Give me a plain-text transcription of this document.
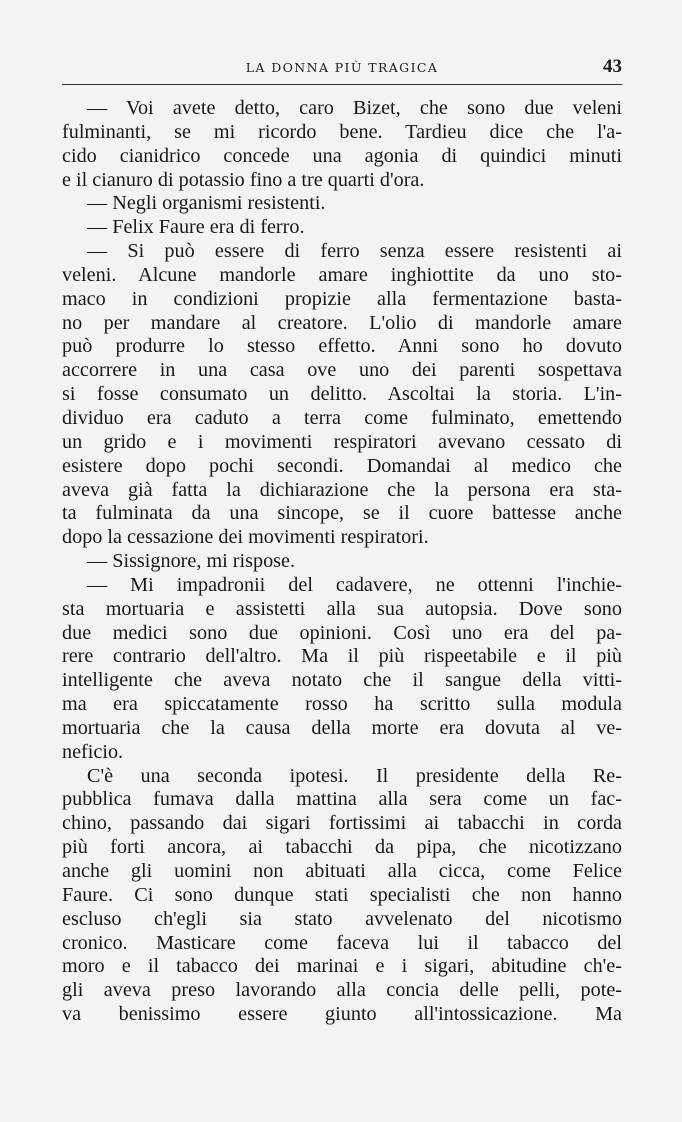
LA DONNA PIÙ TRAGICA	43
— Voi avete detto, caro Bizet, che sono due veleni
fulminanti, se mi ricordo bene. Tardieu dice che l'a-
cido cianidrico concede una agonia di quindici minuti
e il cianuro di potassio fino a tre quarti d'ora.
— Negli organismi resistenti.
— Felix Faure era di ferro.
— Si può essere di ferro senza essere resistenti ai
veleni. Alcune mandorle amare inghiottite da uno sto-
maco in condizioni propizie alla fermentazione basta-
no per mandare al creatore. L'olio di mandorle amare
può produrre lo stesso effetto. Anni sono ho dovuto
accorrere in una casa ove uno dei parenti sospettava
si fosse consumato un delitto. Ascoltai la storia. L'in-
dividuo era caduto a terra come fulminato, emettendo
un grido e i movimenti respiratori avevano cessato di
esistere dopo pochi secondi. Domandai al medico che
aveva già fatta la dichiarazione che la persona era sta-
ta fulminata da una sincope, se il cuore battesse anche
dopo la cessazione dei movimenti respiratori.
— Sissignore, mi rispose.
— Mi impadronii del cadavere, ne ottenni l'inchie-
sta mortuaria e assistetti alla sua autopsia. Dove sono
due medici sono due opinioni. Così uno era del pa-
rere contrario dell'altro. Ma il più rispeetabile e il più
intelligente che aveva notato che il sangue della vitti-
ma era spiccatamente rosso ha scritto sulla modula
mortuaria che la causa della morte era dovuta al ve-
neficio.
C'è una seconda ipotesi. Il presidente della Re-
pubblica fumava dalla mattina alla sera come un fac-
chino, passando dai sigari fortissimi ai tabacchi in corda
più forti ancora, ai tabacchi da pipa, che nicotizzano
anche gli uomini non abituati alla cicca, come Felice
Faure. Ci sono dunque stati specialisti che non hanno
escluso ch'egli sia stato avvelenato del nicotismo
cronico. Masticare come faceva lui il tabacco del
moro e il tabacco dei marinai e i sigari, abitudine ch'e-
gli aveva preso lavorando alla concia delle pelli, pote-
va benissimo essere giunto all'intossicazione. Ma
